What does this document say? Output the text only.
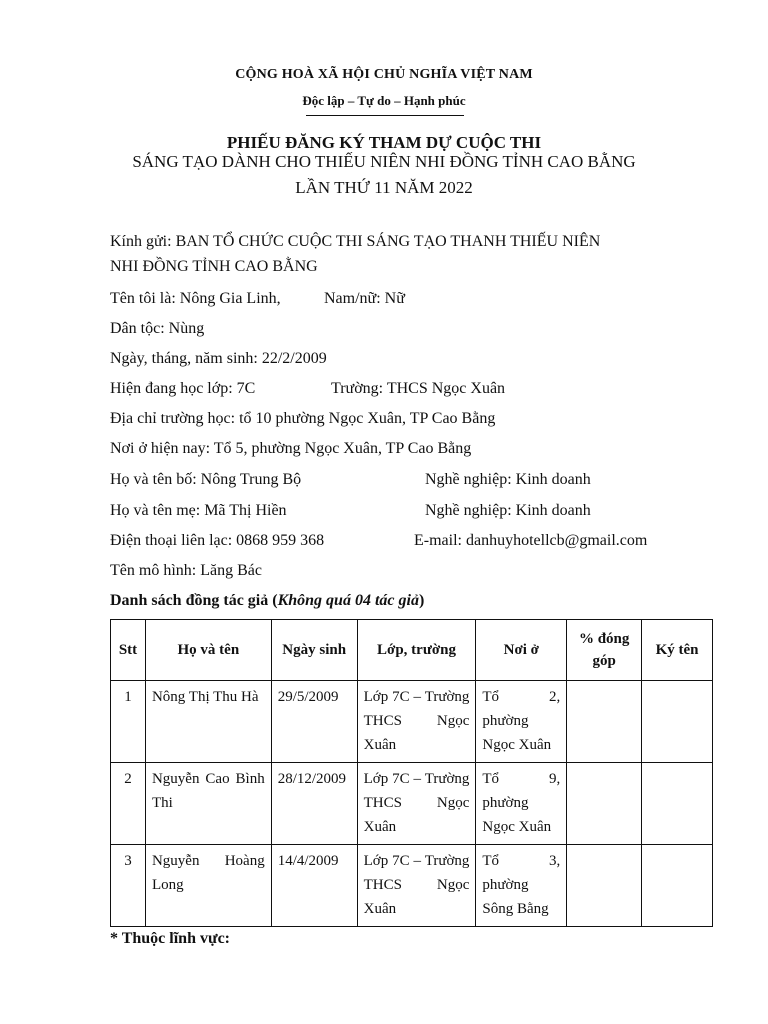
CỘNG HOÀ XÃ HỘI CHỦ NGHĨA VIỆT NAM
Độc lập – Tự do – Hạnh phúc
PHIẾU ĐĂNG KÝ THAM DỰ CUỘC THI
SÁNG TẠO DÀNH CHO THIẾU NIÊN NHI ĐỒNG TỈNH CAO BẰNG
LẦN THỨ 11 NĂM 2022
Kính gửi: BAN TỔ CHỨC CUỘC THI SÁNG TẠO THANH THIẾU NIÊN
NHI ĐỒNG TỈNH CAO BẰNG
Tên tôi là: Nông Gia Linh,	Nam/nữ: Nữ
Dân tộc: Nùng
Ngày, tháng, năm sinh: 22/2/2009
Hiện đang học lớp: 7C	Trường: THCS Ngọc Xuân
Địa chỉ trường học: tổ 10 phường Ngọc Xuân, TP Cao Bằng
Nơi ở hiện nay: Tổ 5, phường Ngọc Xuân, TP Cao Bằng
Họ và tên bố: Nông Trung Bộ	Nghề nghiệp: Kinh doanh
Họ và tên mẹ: Mã Thị Hiền	Nghề nghiệp: Kinh doanh
Điện thoại liên lạc: 0868 959 368	E-mail: danhuyhotellcb@gmail.com
Tên mô hình: Lăng Bác
Danh sách đồng tác giả (Không quá 04 tác giả)
Stt	Họ và tên	Ngày sinh	Lớp, trường	Nơi ở	% đóng góp	Ký tên
1	Nông Thị Thu Hà	29/5/2009	Lớp 7C – Trường THCS Ngọc Xuân	Tổ 2, phường Ngọc Xuân		
2	Nguyễn Cao Bình Thi	28/12/2009	Lớp 7C – Trường THCS Ngọc Xuân	Tổ 9, phường Ngọc Xuân		
3	Nguyễn Hoàng Long	14/4/2009	Lớp 7C – Trường THCS Ngọc Xuân	Tổ 3, phường Sông Bằng		
* Thuộc lĩnh vực:
